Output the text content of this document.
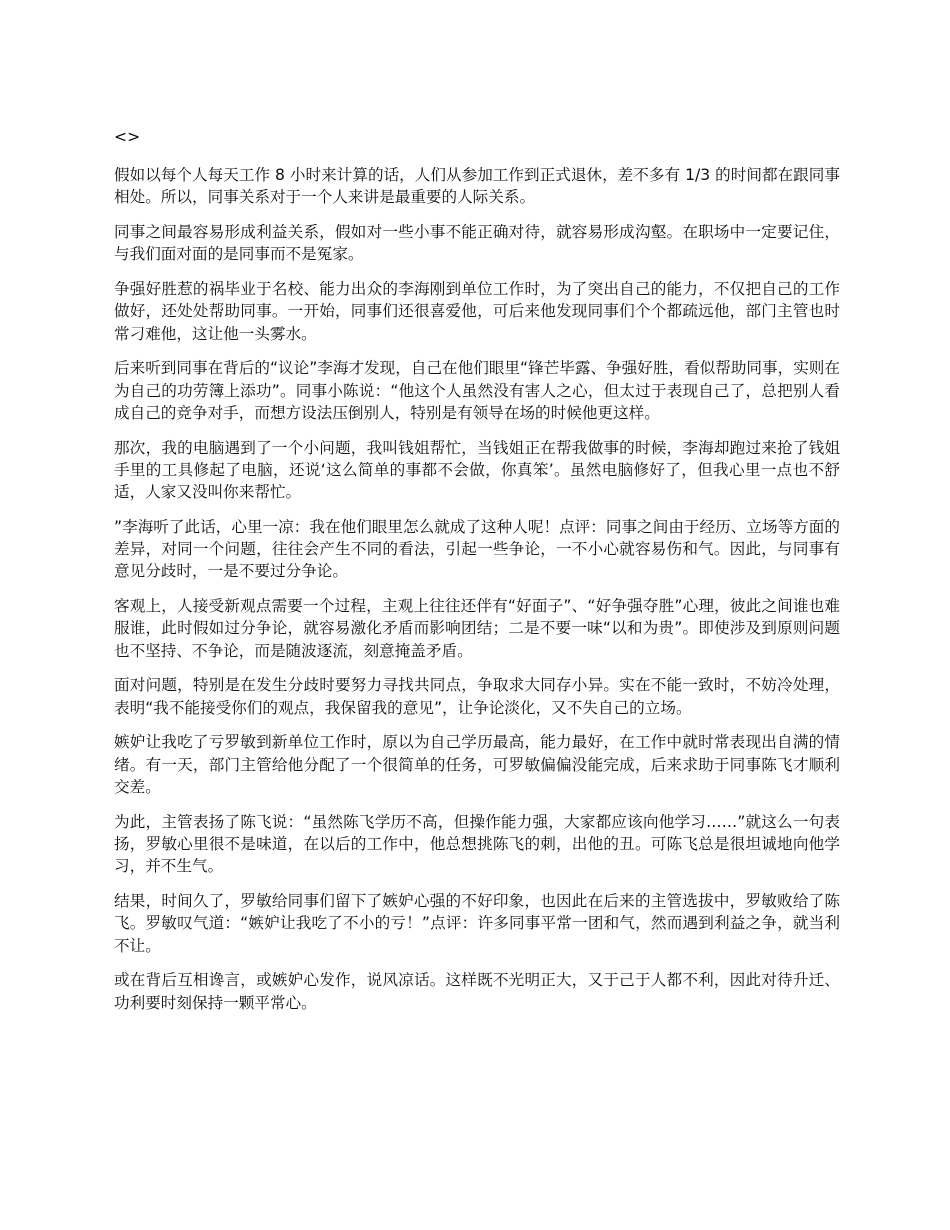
<>
假如以每个人每天工作 8 小时来计算的话，人们从参加工作到正式退休，差不多有 1/3 的时间都在跟同事相处。所以，同事关系对于一个人来讲是最重要的人际关系。
同事之间最容易形成利益关系，假如对一些小事不能正确对待，就容易形成沟壑。在职场中一定要记住，与我们面对面的是同事而不是冤家。
争强好胜惹的祸毕业于名校、能力出众的李海刚到单位工作时，为了突出自己的能力，不仅把自己的工作做好，还处处帮助同事。一开始，同事们还很喜爱他，可后来他发现同事们个个都疏远他，部门主管也时常刁难他，这让他一头雾水。
后来听到同事在背后的“议论”李海才发现，自己在他们眼里“锋芒毕露、争强好胜，看似帮助同事，实则在为自己的功劳簿上添功”。同事小陈说：“他这个人虽然没有害人之心，但太过于表现自己了，总把别人看成自己的竞争对手，而想方设法压倒别人，特别是有领导在场的时候他更这样。
那次，我的电脑遇到了一个小问题，我叫钱姐帮忙，当钱姐正在帮我做事的时候，李海却跑过来抢了钱姐手里的工具修起了电脑，还说‘这么简单的事都不会做，你真笨’。虽然电脑修好了，但我心里一点也不舒适，人家又没叫你来帮忙。
”李海听了此话，心里一凉：我在他们眼里怎么就成了这种人呢！点评：同事之间由于经历、立场等方面的差异，对同一个问题，往往会产生不同的看法，引起一些争论，一不小心就容易伤和气。因此，与同事有意见分歧时，一是不要过分争论。
客观上，人接受新观点需要一个过程，主观上往往还伴有“好面子”、“好争强夺胜”心理，彼此之间谁也难服谁，此时假如过分争论，就容易激化矛盾而影响团结；二是不要一味“以和为贵”。即使涉及到原则问题也不坚持、不争论，而是随波逐流，刻意掩盖矛盾。
面对问题，特别是在发生分歧时要努力寻找共同点，争取求大同存小异。实在不能一致时，不妨冷处理，表明“我不能接受你们的观点，我保留我的意见”，让争论淡化，又不失自己的立场。
嫉妒让我吃了亏罗敏到新单位工作时，原以为自己学历最高，能力最好，在工作中就时常表现出自满的情绪。有一天，部门主管给他分配了一个很简单的任务，可罗敏偏偏没能完成，后来求助于同事陈飞才顺利交差。
为此，主管表扬了陈飞说：“虽然陈飞学历不高，但操作能力强，大家都应该向他学习……”就这么一句表扬，罗敏心里很不是味道，在以后的工作中，他总想挑陈飞的刺，出他的丑。可陈飞总是很坦诚地向他学习，并不生气。
结果，时间久了，罗敏给同事们留下了嫉妒心强的不好印象，也因此在后来的主管选拔中，罗敏败给了陈飞。罗敏叹气道：“嫉妒让我吃了不小的亏！”点评：许多同事平常一团和气，然而遇到利益之争，就当利不让。
或在背后互相谗言，或嫉妒心发作，说风凉话。这样既不光明正大，又于己于人都不利，因此对待升迁、功利要时刻保持一颗平常心。
